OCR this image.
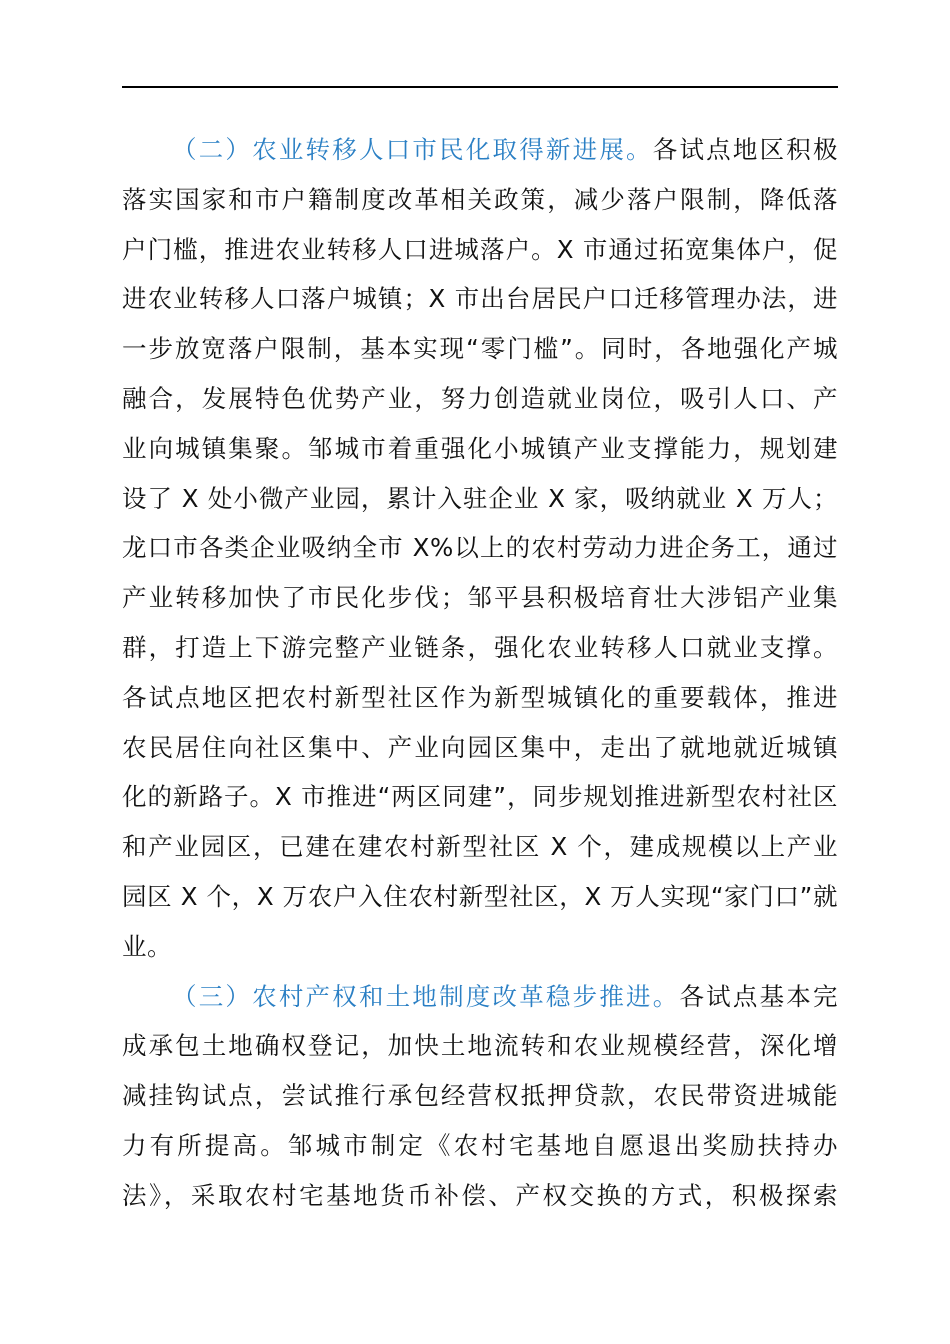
（二）农业转移人口市民化取得新进展。各试点地区积极
落实国家和市户籍制度改革相关政策，减少落户限制，降低落
户门槛，推进农业转移人口进城落户。X 市通过拓宽集体户，促
进农业转移人口落户城镇；X 市出台居民户口迁移管理办法，进
一步放宽落户限制，基本实现“零门槛”。同时，各地强化产城
融合，发展特色优势产业，努力创造就业岗位，吸引人口、产
业向城镇集聚。邹城市着重强化小城镇产业支撑能力，规划建
设了 X 处小微产业园，累计入驻企业 X 家，吸纳就业 X 万人；
龙口市各类企业吸纳全市 X%以上的农村劳动力进企务工，通过
产业转移加快了市民化步伐；邹平县积极培育壮大涉铝产业集
群，打造上下游完整产业链条，强化农业转移人口就业支撑。
各试点地区把农村新型社区作为新型城镇化的重要载体，推进
农民居住向社区集中、产业向园区集中，走出了就地就近城镇
化的新路子。X 市推进“两区同建”，同步规划推进新型农村社区
和产业园区，已建在建农村新型社区 X 个，建成规模以上产业
园区 X 个，X 万农户入住农村新型社区，X 万人实现“家门口”就
业。

（三）农村产权和土地制度改革稳步推进。各试点基本完
成承包土地确权登记，加快土地流转和农业规模经营，深化增
减挂钩试点，尝试推行承包经营权抵押贷款，农民带资进城能
力有所提高。邹城市制定《农村宅基地自愿退出奖励扶持办
法》，采取农村宅基地货币补偿、产权交换的方式，积极探索
